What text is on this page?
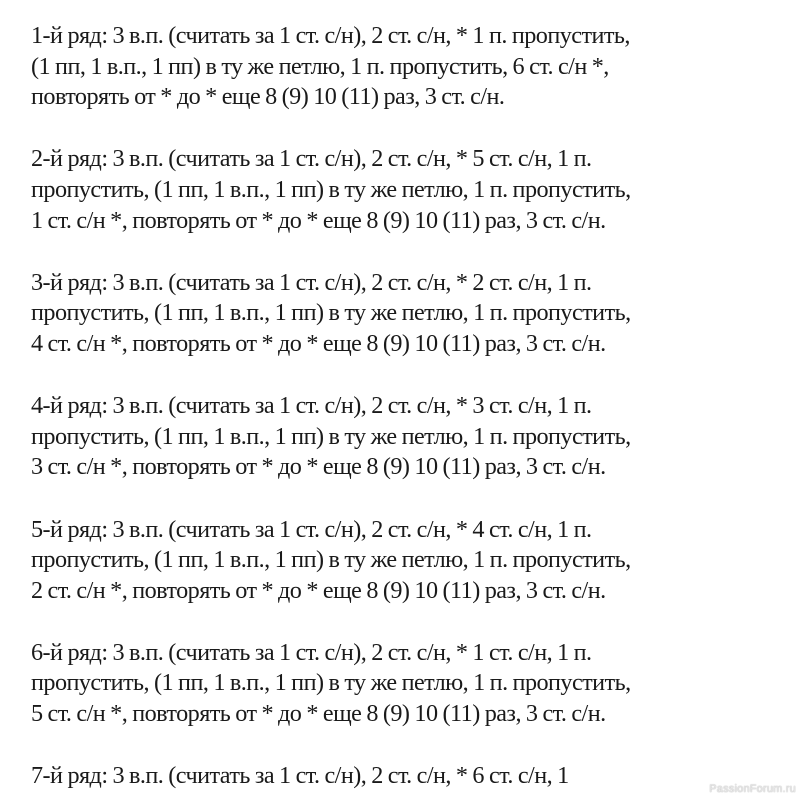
1-й ряд: 3 в.п. (считать за 1 ст. с/н), 2 ст. с/н, * 1 п. пропустить,
(1 пп, 1 в.п., 1 пп) в ту же петлю, 1 п. пропустить, 6 ст. с/н *,
повторять от * до * еще 8 (9) 10 (11) раз, 3 ст. с/н.

2-й ряд: 3 в.п. (считать за 1 ст. с/н), 2 ст. с/н, * 5 ст. с/н, 1 п.
пропустить, (1 пп, 1 в.п., 1 пп) в ту же петлю, 1 п. пропустить,
1 ст. с/н *, повторять от * до * еще 8 (9) 10 (11) раз, 3 ст. с/н.

3-й ряд: 3 в.п. (считать за 1 ст. с/н), 2 ст. с/н, * 2 ст. с/н, 1 п.
пропустить, (1 пп, 1 в.п., 1 пп) в ту же петлю, 1 п. пропустить,
4 ст. с/н *, повторять от * до * еще 8 (9) 10 (11) раз, 3 ст. с/н.

4-й ряд: 3 в.п. (считать за 1 ст. с/н), 2 ст. с/н, * 3 ст. с/н, 1 п.
пропустить, (1 пп, 1 в.п., 1 пп) в ту же петлю, 1 п. пропустить,
3 ст. с/н *, повторять от * до * еще 8 (9) 10 (11) раз, 3 ст. с/н.

5-й ряд: 3 в.п. (считать за 1 ст. с/н), 2 ст. с/н, * 4 ст. с/н, 1 п.
пропустить, (1 пп, 1 в.п., 1 пп) в ту же петлю, 1 п. пропустить,
2 ст. с/н *, повторять от * до * еще 8 (9) 10 (11) раз, 3 ст. с/н.

6-й ряд: 3 в.п. (считать за 1 ст. с/н), 2 ст. с/н, * 1 ст. с/н, 1 п.
пропустить, (1 пп, 1 в.п., 1 пп) в ту же петлю, 1 п. пропустить,
5 ст. с/н *, повторять от * до * еще 8 (9) 10 (11) раз, 3 ст. с/н.

7-й ряд: 3 в.п. (считать за 1 ст. с/н), 2 ст. с/н, * 6 ст. с/н, 1	PassionForum.ru
